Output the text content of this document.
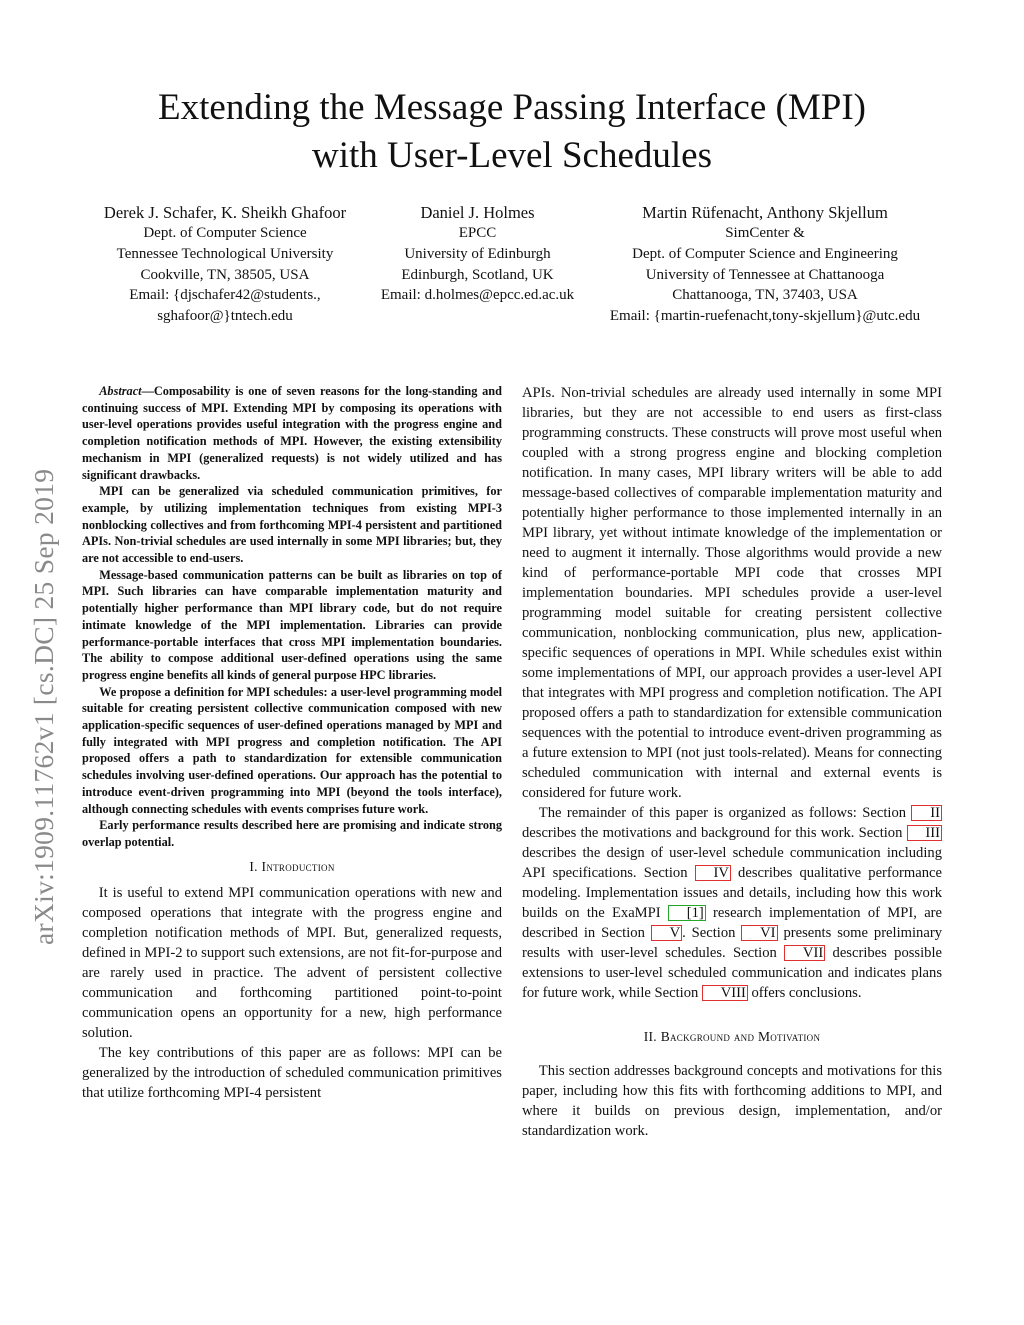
Extending the Message Passing Interface (MPI)
with User-Level Schedules
Derek J. Schafer, K. Sheikh Ghafoor
Dept. of Computer Science
Tennessee Technological University
Cookville, TN, 38505, USA
Email: {djschafer42@students.,
sghafoor@}tntech.edu
Daniel J. Holmes
EPCC
University of Edinburgh
Edinburgh, Scotland, UK
Email: d.holmes@epcc.ed.ac.uk
Martin Rüfenacht, Anthony Skjellum
SimCenter &
Dept. of Computer Science and Engineering
University of Tennessee at Chattanooga
Chattanooga, TN, 37403, USA
Email: {martin-ruefenacht,tony-skjellum}@utc.edu
arXiv:1909.11762v1 [cs.DC] 25 Sep 2019

Abstract—Composability is one of seven reasons for the long-standing and continuing success of MPI. Extending MPI by composing its operations with user-level operations provides useful integration with the progress engine and completion notification methods of MPI. However, the existing extensibility mechanism in MPI (generalized requests) is not widely utilized and has significant drawbacks.

MPI can be generalized via scheduled communication primitives, for example, by utilizing implementation techniques from existing MPI-3 nonblocking collectives and from forthcoming MPI-4 persistent and partitioned APIs. Non-trivial schedules are used internally in some MPI libraries; but, they are not accessible to end-users.

Message-based communication patterns can be built as libraries on top of MPI. Such libraries can have comparable implementation maturity and potentially higher performance than MPI library code, but do not require intimate knowledge of the MPI implementation. Libraries can provide performance-portable interfaces that cross MPI implementation boundaries. The ability to compose additional user-defined operations using the same progress engine benefits all kinds of general purpose HPC libraries.

We propose a definition for MPI schedules: a user-level programming model suitable for creating persistent collective communication composed with new application-specific sequences of user-defined operations managed by MPI and fully integrated with MPI progress and completion notification. The API proposed offers a path to standardization for extensible communication schedules involving user-defined operations. Our approach has the potential to introduce event-driven programming into MPI (beyond the tools interface), although connecting schedules with events comprises future work.

Early performance results described here are promising and indicate strong overlap potential.

I. Introduction

It is useful to extend MPI communication operations with new and composed operations that integrate with the progress engine and completion notification methods of MPI. But, generalized requests, defined in MPI-2 to support such extensions, are not fit-for-purpose and are rarely used in practice. The advent of persistent collective communication and forthcoming partitioned point-to-point communication opens an opportunity for a new, high performance solution.

The key contributions of this paper are as follows: MPI can be generalized by the introduction of scheduled communication primitives that utilize forthcoming MPI-4 persistent

APIs. Non-trivial schedules are already used internally in some MPI libraries, but they are not accessible to end users as first-class programming constructs. These constructs will prove most useful when coupled with a strong progress engine and blocking completion notification. In many cases, MPI library writers will be able to add message-based collectives of comparable implementation maturity and potentially higher performance to those implemented internally in an MPI library, yet without intimate knowledge of the implementation or need to augment it internally. Those algorithms would provide a new kind of performance-portable MPI code that crosses MPI implementation boundaries. MPI schedules provide a user-level programming model suitable for creating persistent collective communication, nonblocking communication, plus new, application-specific sequences of operations in MPI. While schedules exist within some implementations of MPI, our approach provides a user-level API that integrates with MPI progress and completion notification. The API proposed offers a path to standardization for extensible communication sequences with the potential to introduce event-driven programming as a future extension to MPI (not just tools-related). Means for connecting scheduled communication with internal and external events is considered for future work.

The remainder of this paper is organized as follows: Section II describes the motivations and background for this work. Section III describes the design of user-level schedule communication including API specifications. Section IV describes qualitative performance modeling. Implementation issues and details, including how this work builds on the ExaMPI [1] research implementation of MPI, are described in Section V . Section VI presents some preliminary results with user-level schedules. Section VII describes possible extensions to user-level scheduled communication and indicates plans for future work, while Section VIII offers conclusions.

II. Background and Motivation

This section addresses background concepts and motivations for this paper, including how this fits with forthcoming additions to MPI, and where it builds on previous design, implementation, and/or standardization work.
